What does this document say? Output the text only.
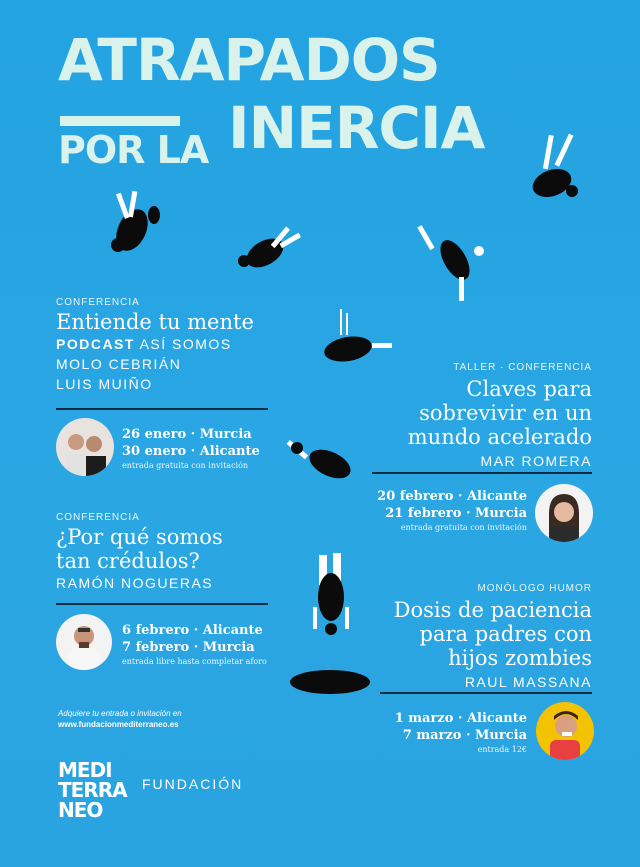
ATRAPADOS
POR LA INERCIA
CONFERENCIA
Entiende tu mente
PODCAST ASÍ SOMOS
MOLO CEBRIÁN
LUIS MUIÑO
26 enero · Murcia
30 enero · Alicante
entrada gratuita con invitación
CONFERENCIA
¿Por qué somos
tan crédulos?
RAMÓN NOGUERAS
6 febrero · Alicante
7 febrero · Murcia
entrada libre hasta completar aforo
TALLER · CONFERENCIA
Claves para
sobrevivir en un
mundo acelerado
MAR ROMERA
20 febrero · Alicante
21 febrero · Murcia
entrada gratuita con invitación
MONÓLOGO HUMOR
Dosis de paciencia
para padres con
hijos zombies
RAUL MASSANA
1 marzo · Alicante
7 marzo · Murcia
entrada 12€
Adquiere tu entrada o invitación en
www.fundacionmediterraneo.es
MEDI
TERRA
NEO
FUNDACIÓN
